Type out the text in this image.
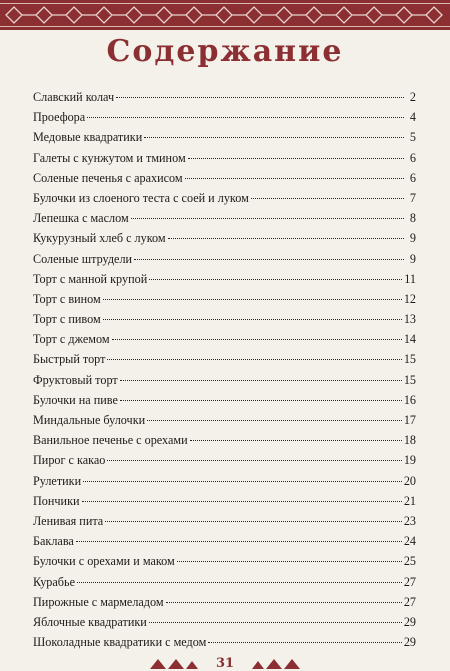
Содержание
Славский колач	2
Проефора	4
Медовые квадратики	5
Галеты с кунжутом и тмином	6
Соленые печенья с арахисом	6
Булочки из слоеного теста с соей и луком	7
Лепешка с маслом	8
Кукурузный хлеб с луком	9
Соленые штрудели	9
Торт с манной крупой	11
Торт с вином	12
Торт с пивом	13
Торт с джемом	14
Быстрый торт	15
Фруктовый торт	15
Булочки на пиве	16
Миндальные булочки	17
Ванильное печенье с орехами	18
Пирог с какао	19
Рулетики	20
Пончики	21
Ленивая пита	23
Баклава	24
Булочки с орехами и маком	25
Курабье	27
Пирожные с мармеладом	27
Яблочные квадратики	29
Шоколадные квадратики с медом	29
31
